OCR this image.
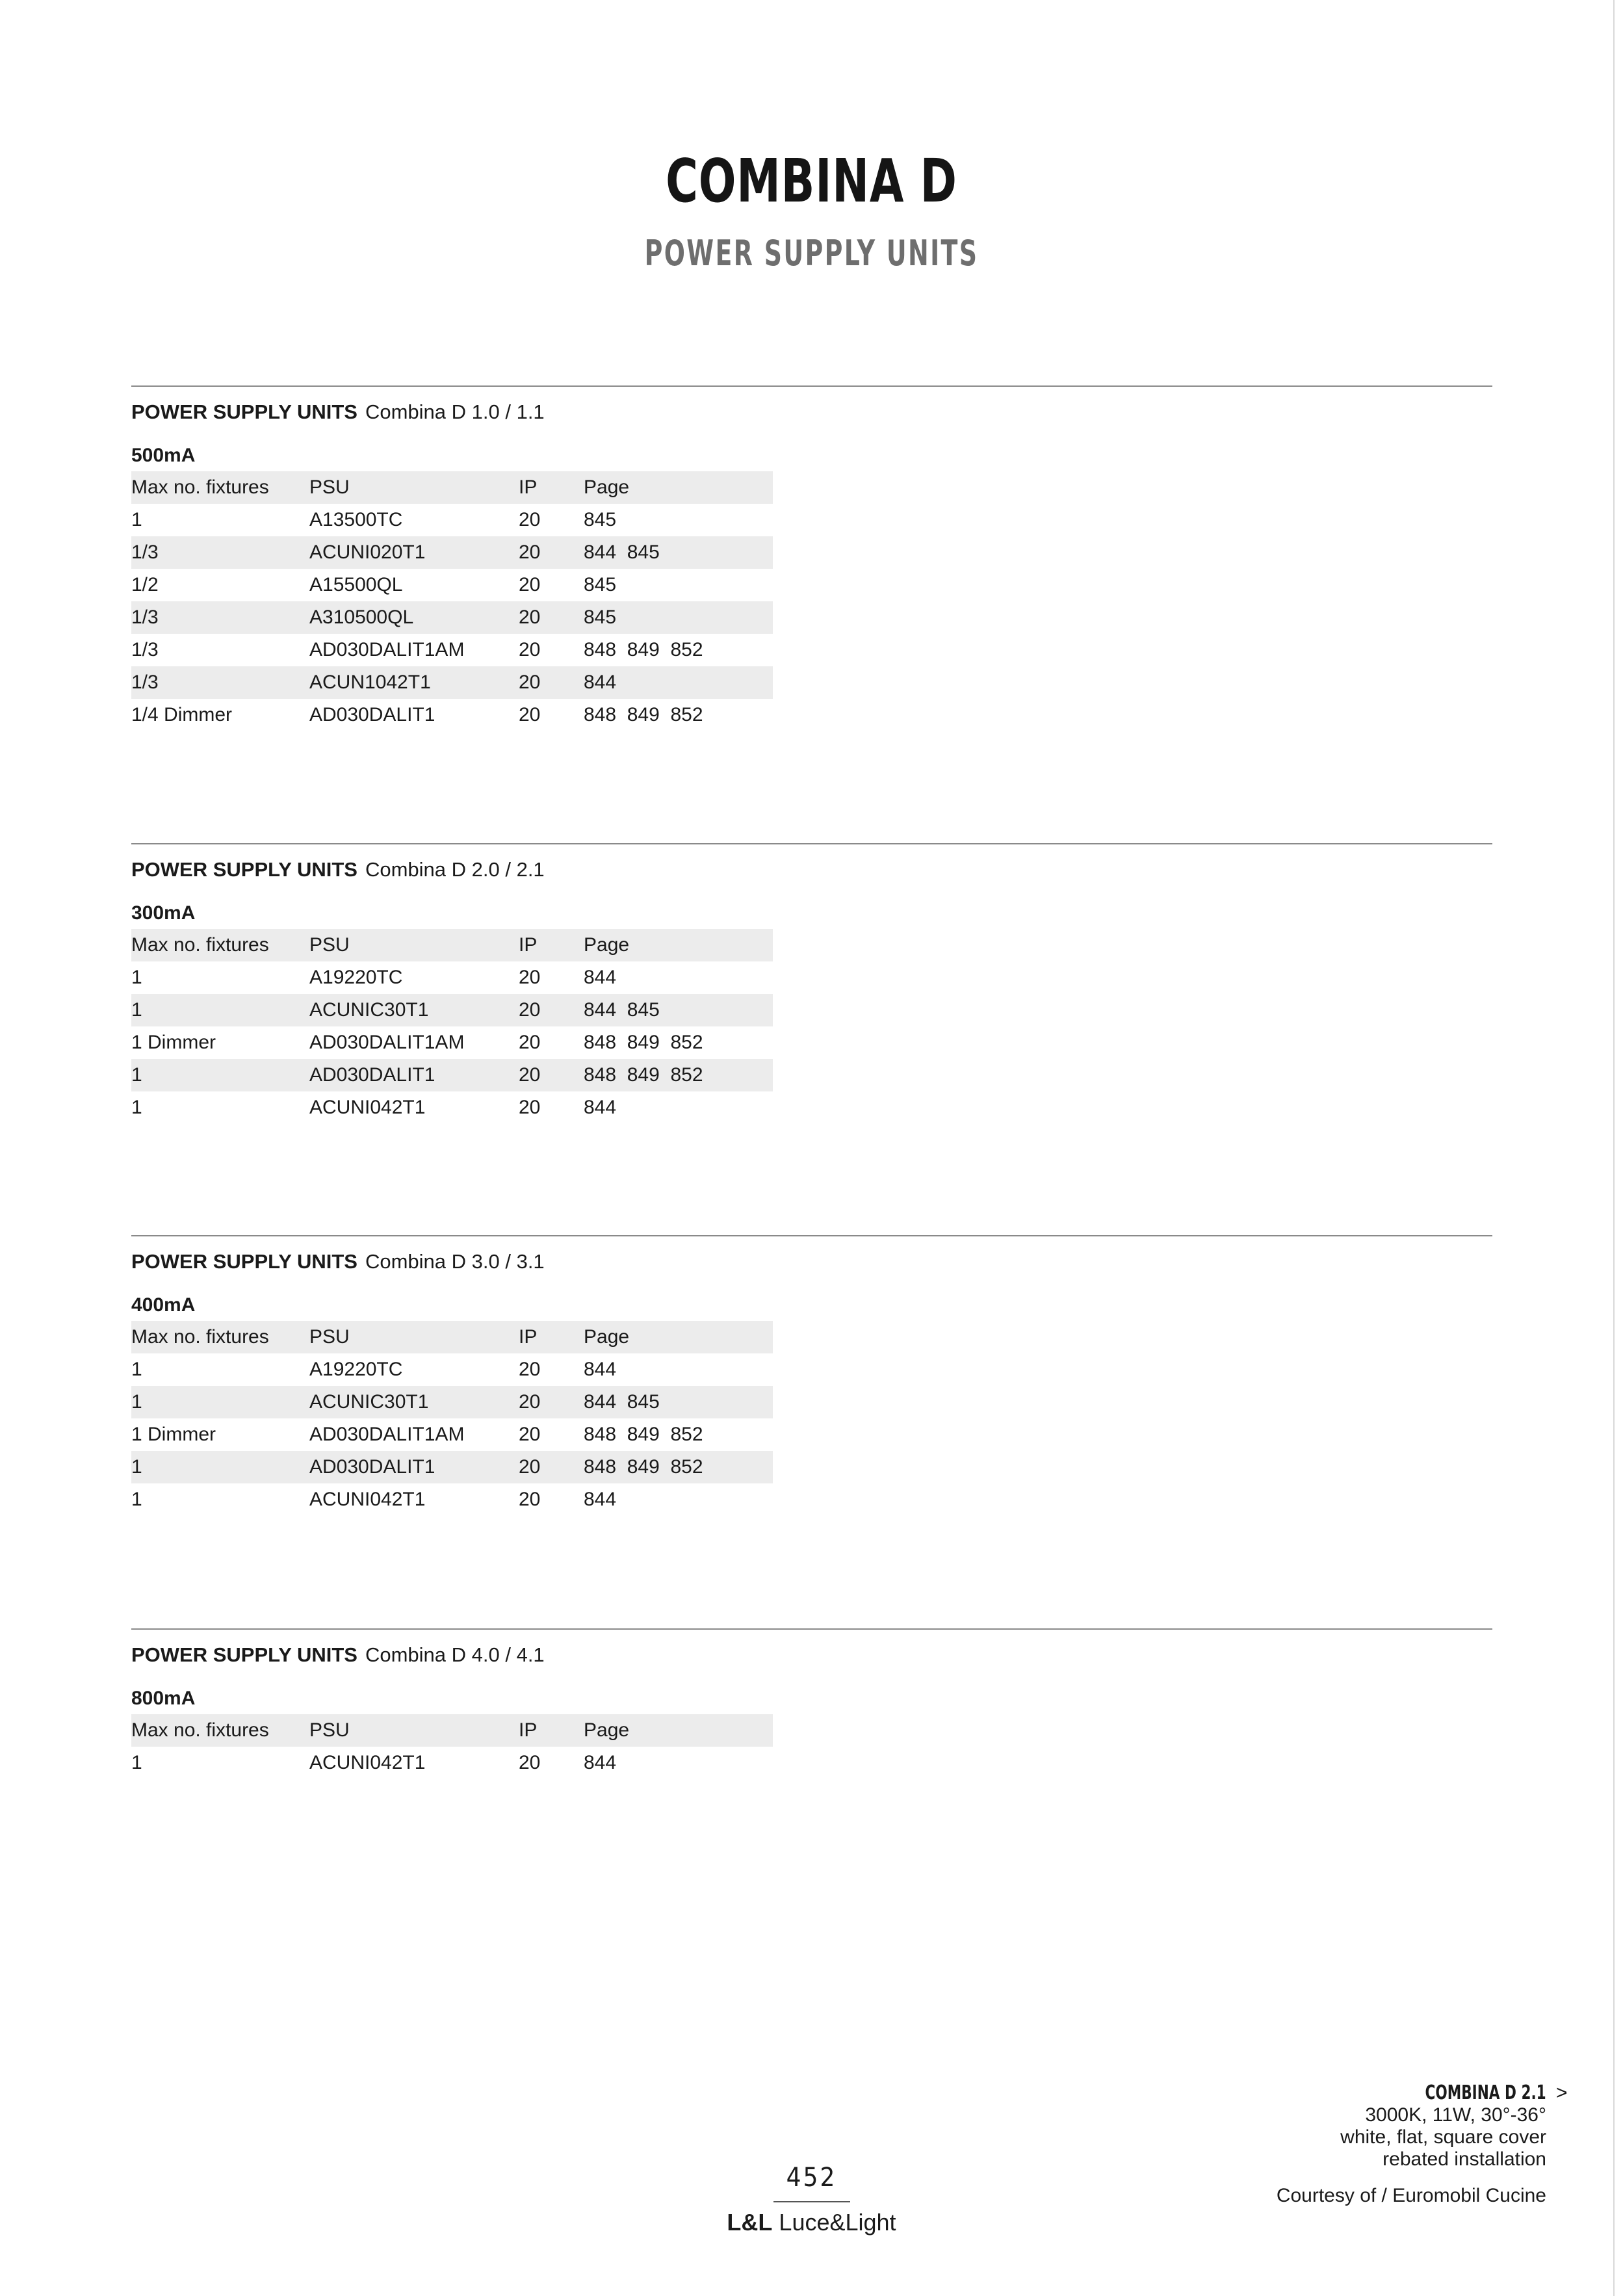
COMBINA D
POWER SUPPLY UNITS
POWER SUPPLY UNITS Combina D 1.0 / 1.1
500mA
Max no. fixtures	PSU	IP	Page
1	A13500TC	20	845
1/3	ACUNI020T1	20	844  845
1/2	A15500QL	20	845
1/3	A310500QL	20	845
1/3	AD030DALIT1AM	20	848  849  852
1/3	ACUN1042T1	20	844
1/4 Dimmer	AD030DALIT1	20	848  849  852
POWER SUPPLY UNITS Combina D 2.0 / 2.1
300mA
Max no. fixtures	PSU	IP	Page
1	A19220TC	20	844
1	ACUNIC30T1	20	844  845
1 Dimmer	AD030DALIT1AM	20	848  849  852
1	AD030DALIT1	20	848  849  852
1	ACUNI042T1	20	844
POWER SUPPLY UNITS Combina D 3.0 / 3.1
400mA
Max no. fixtures	PSU	IP	Page
1	A19220TC	20	844
1	ACUNIC30T1	20	844  845
1 Dimmer	AD030DALIT1AM	20	848  849  852
1	AD030DALIT1	20	848  849  852
1	ACUNI042T1	20	844
POWER SUPPLY UNITS Combina D 4.0 / 4.1
800mA
Max no. fixtures	PSU	IP	Page
1	ACUNI042T1	20	844
>
COMBINA D 2.1
3000K, 11W, 30°-36°
white, flat, square cover
rebated installation
Courtesy of / Euromobil Cucine
452
L&L Luce&Light
